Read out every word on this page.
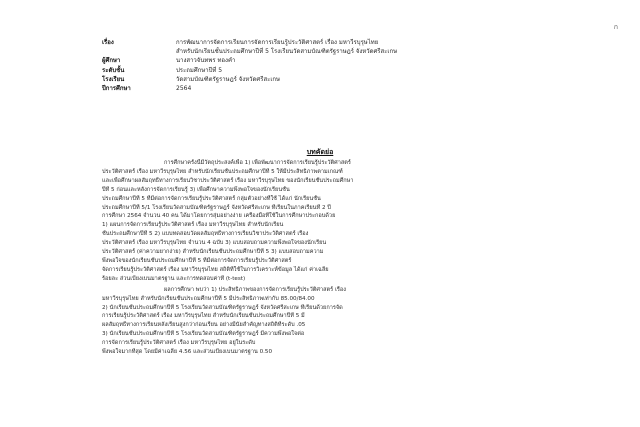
ก
เรื่อง	การพัฒนาการจัดการเรียนการจัดการเรียนรู้ประวัติศาสตร์ เรื่อง มหาวีรบุรุษไทย
สำหรับนักเรียนชั้นประถมศึกษาปีที่ 5 โรงเรียนวัดสามบัณฑิตรัฐราษฎร์ จังหวัดศรีสะเกษ
ผู้ศึกษา	นางสาวจันทพร ทองคำ
ระดับชั้น	ประถมศึกษาปีที่ 5
โรงเรียน	วัดสามบัณฑิตรัฐราษฎร์ จังหวัดศรีสะเกษ
ปีการศึกษา	2564
บทคัดย่อ
การศึกษาครั้งนี้มีวัตถุประสงค์เพื่อ 1) เพื่อพัฒนาการจัดการเรียนรู้ประวัติศาสตร์
ประวัติศาสตร์ เรื่อง มหาวีรบุรุษไทย สำหรับนักเรียนชั้นประถมศึกษาปีที่ 5 ให้มีประสิทธิภาพตามเกณฑ์
และเพื่อศึกษาผลสัมฤทธิ์ทางการเรียนวิชาประวัติศาสตร์ เรื่อง มหาวีรบุรุษไทย ของนักเรียนชั้นประถมศึกษา
ปีที่ 5 ก่อนและหลังการจัดการเรียนรู้ 3) เพื่อศึกษาความพึงพอใจของนักเรียนชั้น
ประถมศึกษาปีที่ 5 ที่มีต่อการจัดการเรียนรู้ประวัติศาสตร์ กลุ่มตัวอย่างที่ใช้ ได้แก่ นักเรียนชั้น
ประถมศึกษาปีที่ 5/1 โรงเรียนวัดสามบัณฑิตรัฐราษฎร์ จังหวัดศรีสะเกษ ที่เรียนในภาคเรียนที่ 2 ปี
การศึกษา 2564 จำนวน 40 คน ได้มาโดยการสุ่มอย่างง่าย เครื่องมือที่ใช้ในการศึกษาประกอบด้วย
1) แผนการจัดการเรียนรู้ประวัติศาสตร์ เรื่อง มหาวีรบุรุษไทย สำหรับนักเรียน
ชั้นประถมศึกษาปีที่ 5 2) แบบทดสอบวัดผลสัมฤทธิ์ทางการเรียนวิชาประวัติศาสตร์ เรื่อง
ประวัติศาสตร์ เรื่อง มหาวีรบุรุษไทย จำนวน 4 ฉบับ 3) แบบสอบถามความพึงพอใจของนักเรียน
ประวัติศาสตร์ (ค่าความยากง่าย) สำหรับนักเรียนชั้นประถมศึกษาปีที่ 5 3) แบบสอบถามความ
พึงพอใจของนักเรียนชั้นประถมศึกษาปีที่ 5 ที่มีต่อการจัดการเรียนรู้ประวัติศาสตร์
จัดการเรียนรู้ประวัติศาสตร์ เรื่อง มหาวีรบุรุษไทย สถิติที่ใช้ในการวิเคราะห์ข้อมูล ได้แก่ ค่าเฉลี่ย
ร้อยละ ส่วนเบี่ยงเบนมาตรฐาน และการทดสอบค่าที (t-test)
ผลการศึกษา พบว่า 1) ประสิทธิภาพของการจัดการเรียนรู้ประวัติศาสตร์ เรื่อง
มหาวีรบุรุษไทย สำหรับนักเรียนชั้นประถมศึกษาปีที่ 5 มีประสิทธิภาพเท่ากับ 85.00/84.00
2) นักเรียนชั้นประถมศึกษาปีที่ 5 โรงเรียนวัดสามบัณฑิตรัฐราษฎร์ จังหวัดศรีสะเกษ ที่เรียนด้วยการจัด
การเรียนรู้ประวัติศาสตร์ เรื่อง มหาวีรบุรุษไทย สำหรับนักเรียนชั้นประถมศึกษาปีที่ 5 มี
ผลสัมฤทธิ์ทางการเรียนหลังเรียนสูงกว่าก่อนเรียน อย่างมีนัยสำคัญทางสถิติที่ระดับ .05
3) นักเรียนชั้นประถมศึกษาปีที่ 5 โรงเรียนวัดสามบัณฑิตรัฐราษฎร์ มีความพึงพอใจต่อ
การจัดการเรียนรู้ประวัติศาสตร์ เรื่อง มหาวีรบุรุษไทย อยู่ในระดับ
พึงพอใจมากที่สุด โดยมีค่าเฉลี่ย 4.56 และส่วนเบี่ยงเบนมาตรฐาน 0.50
